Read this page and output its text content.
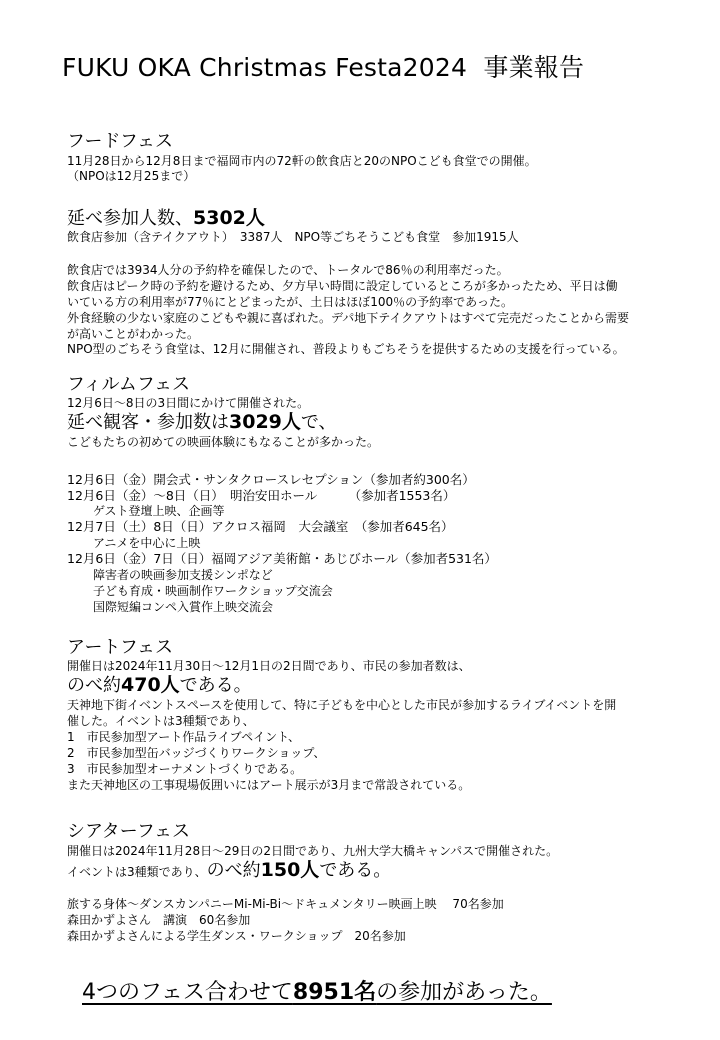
FUKU OKA Christmas Festa2024 事業報告
フードフェス
11月28日から12月8日まで福岡市内の72軒の飲食店と20のNPOこども食堂での開催。
（NPOは12月25まで）
延べ参加人数、5302人
飲食店参加（含テイクアウト）　3387人　NPO等ごちそうこども食堂　参加1915人
飲食店では3934人分の予約枠を確保したので、トータルで86％の利用率だった。
飲食店はピーク時の予約を避けるため、夕方早い時間に設定しているところが多かったため、平日は働
いている方の利用率が77％にとどまったが、土日はほぼ100％の予約率であった。
外食経験の少ない家庭のこどもや親に喜ばれた。デパ地下テイクアウトはすべて完売だったことから需要
が高いことがわかった。
NPO型のごちそう食堂は、12月に開催され、普段よりもごちそうを提供するための支援を行っている。
フィルムフェス
12月6日～8日の3日間にかけて開催された。
延べ観客・参加数は3029人で、
こどもたちの初めての映画体験にもなることが多かった。
12月6日（金）開会式・サンタクロースレセプション（参加者約300名）
12月6日（金）～8日（日）　明治安田ホール　　　（参加者1553名）
ゲスト登壇上映、企画等
12月7日（土）8日（日）アクロス福岡　大会議室　（参加者645名）
アニメを中心に上映
12月6日（金）7日（日）福岡アジア美術館・あじびホール（参加者531名）
障害者の映画参加支援シンポなど
子ども育成・映画制作ワークショップ交流会
国際短編コンペ入賞作上映交流会
アートフェス
開催日は2024年11月30日～12月1日の2日間であり、市民の参加者数は、
のべ約470人である。
天神地下街イベントスペースを使用して、特に子どもを中心とした市民が参加するライブイベントを開
催した。イベントは3種類であり、
1　市民参加型アート作品ライブペイント、
2　市民参加型缶バッジづくりワークショップ、
3　市民参加型オーナメントづくりである。
また天神地区の工事現場仮囲いにはアート展示が3月まで常設されている。
シアターフェス
開催日は2024年11月28日～29日の2日間であり、九州大学大橋キャンパスで開催された。
イベントは3種類であり、のべ約150人である。
旅する身体～ダンスカンパニーMi-Mi-Bi～ドキュメンタリー映画上映　 70名参加
森田かずよさん　講演　60名参加
森田かずよさんによる学生ダンス・ワークショップ　20名参加
4つのフェス合わせて8951名の参加があった。
